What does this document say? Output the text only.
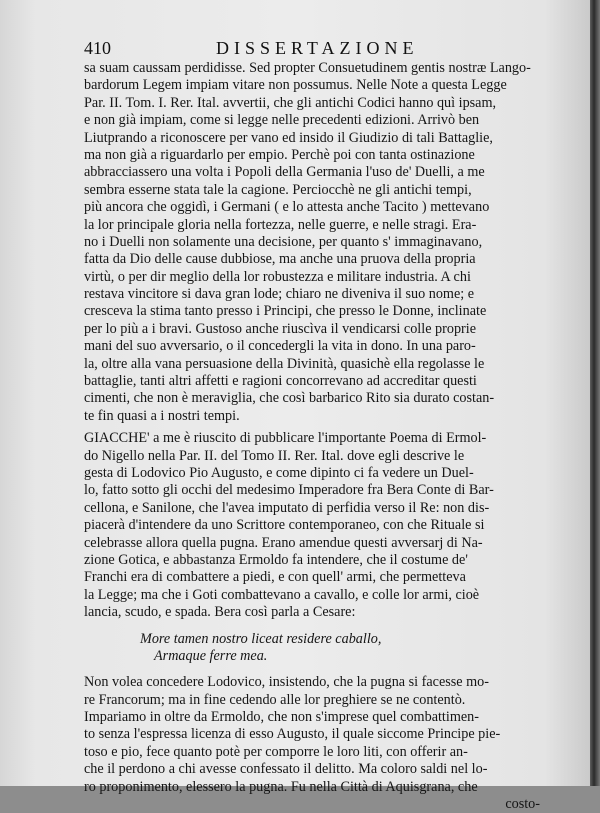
410	DISSERTAZIONE
sa suam caussam perdidisse. Sed propter Consuetudinem gentis nostræ Lango-
bardorum Legem impiam vitare non possumus. Nelle Note a questa Legge
Par. II. Tom. I. Rer. Ital. avvertii, che gli antichi Codici hanno quì ipsam,
e non già impiam, come si legge nelle precedenti edizioni. Arrivò ben
Liutprando a riconoscere per vano ed insido il Giudizio di tali Battaglie,
ma non già a riguardarlo per empio. Perchè poi con tanta ostinazione
abbracciassero una volta i Popoli della Germania l'uso de' Duelli, a me
sembra esserne stata tale la cagione. Perciocchè ne gli antichi tempi,
più ancora che oggidì, i Germani ( e lo attesta anche Tacito ) mettevano
la lor principale gloria nella fortezza, nelle guerre, e nelle stragi. Era-
no i Duelli non solamente una decisione, per quanto s' immaginavano,
fatta da Dio delle cause dubbiose, ma anche una pruova della propria
virtù, o per dir meglio della lor robustezza e militare industria. A chi
restava vincitore si dava gran lode; chiaro ne diveniva il suo nome; e
cresceva la stima tanto presso i Principi, che presso le Donne, inclinate
per lo più a i bravi. Gustoso anche riuscìva il vendicarsi colle proprie
mani del suo avversario, o il concedergli la vita in dono. In una paro-
la, oltre alla vana persuasione della Divinità, quasichè ella regolasse le
battaglie, tanti altri affetti e ragioni concorrevano ad accreditar questi
cimenti, che non è meraviglia, che così barbarico Rito sia durato costan-
te fin quasi a i nostri tempi.
GIACCHE' a me è riuscito di pubblicare l'importante Poema di Ermol-
do Nigello nella Par. II. del Tomo II. Rer. Ital. dove egli descrive le
gesta di Lodovico Pio Augusto, e come dipinto ci fa vedere un Duel-
lo, fatto sotto gli occhi del medesimo Imperadore fra Bera Conte di Bar-
cellona, e Sanilone, che l'avea imputato di perfidia verso il Re: non dis-
piacerà d'intendere da uno Scrittore contemporaneo, con che Rituale si
celebrasse allora quella pugna. Erano amendue questi avversarj di Na-
zione Gotica, e abbastanza Ermoldo fa intendere, che il costume de'
Franchi era di combattere a piedi, e con quell' armi, che permetteva
la Legge; ma che i Goti combattevano a cavallo, e colle lor armi, cioè
lancia, scudo, e spada. Bera così parla a Cesare:
More tamen nostro liceat residere caballo,
Armaque ferre mea.
Non volea concedere Lodovico, insistendo, che la pugna si facesse mo-
re Francorum; ma in fine cedendo alle lor preghiere se ne contentò.
Impariamo in oltre da Ermoldo, che non s'imprese quel combattimen-
to senza l'espressa licenza di esso Augusto, il quale siccome Principe pie-
toso e pio, fece quanto potè per comporre le loro liti, con offerir an-
che il perdono a chi avesse confessato il delitto. Ma coloro saldi nel lo-
ro proponimento, elessero la pugna. Fu nella Città di Aquisgrana, che
costo-
